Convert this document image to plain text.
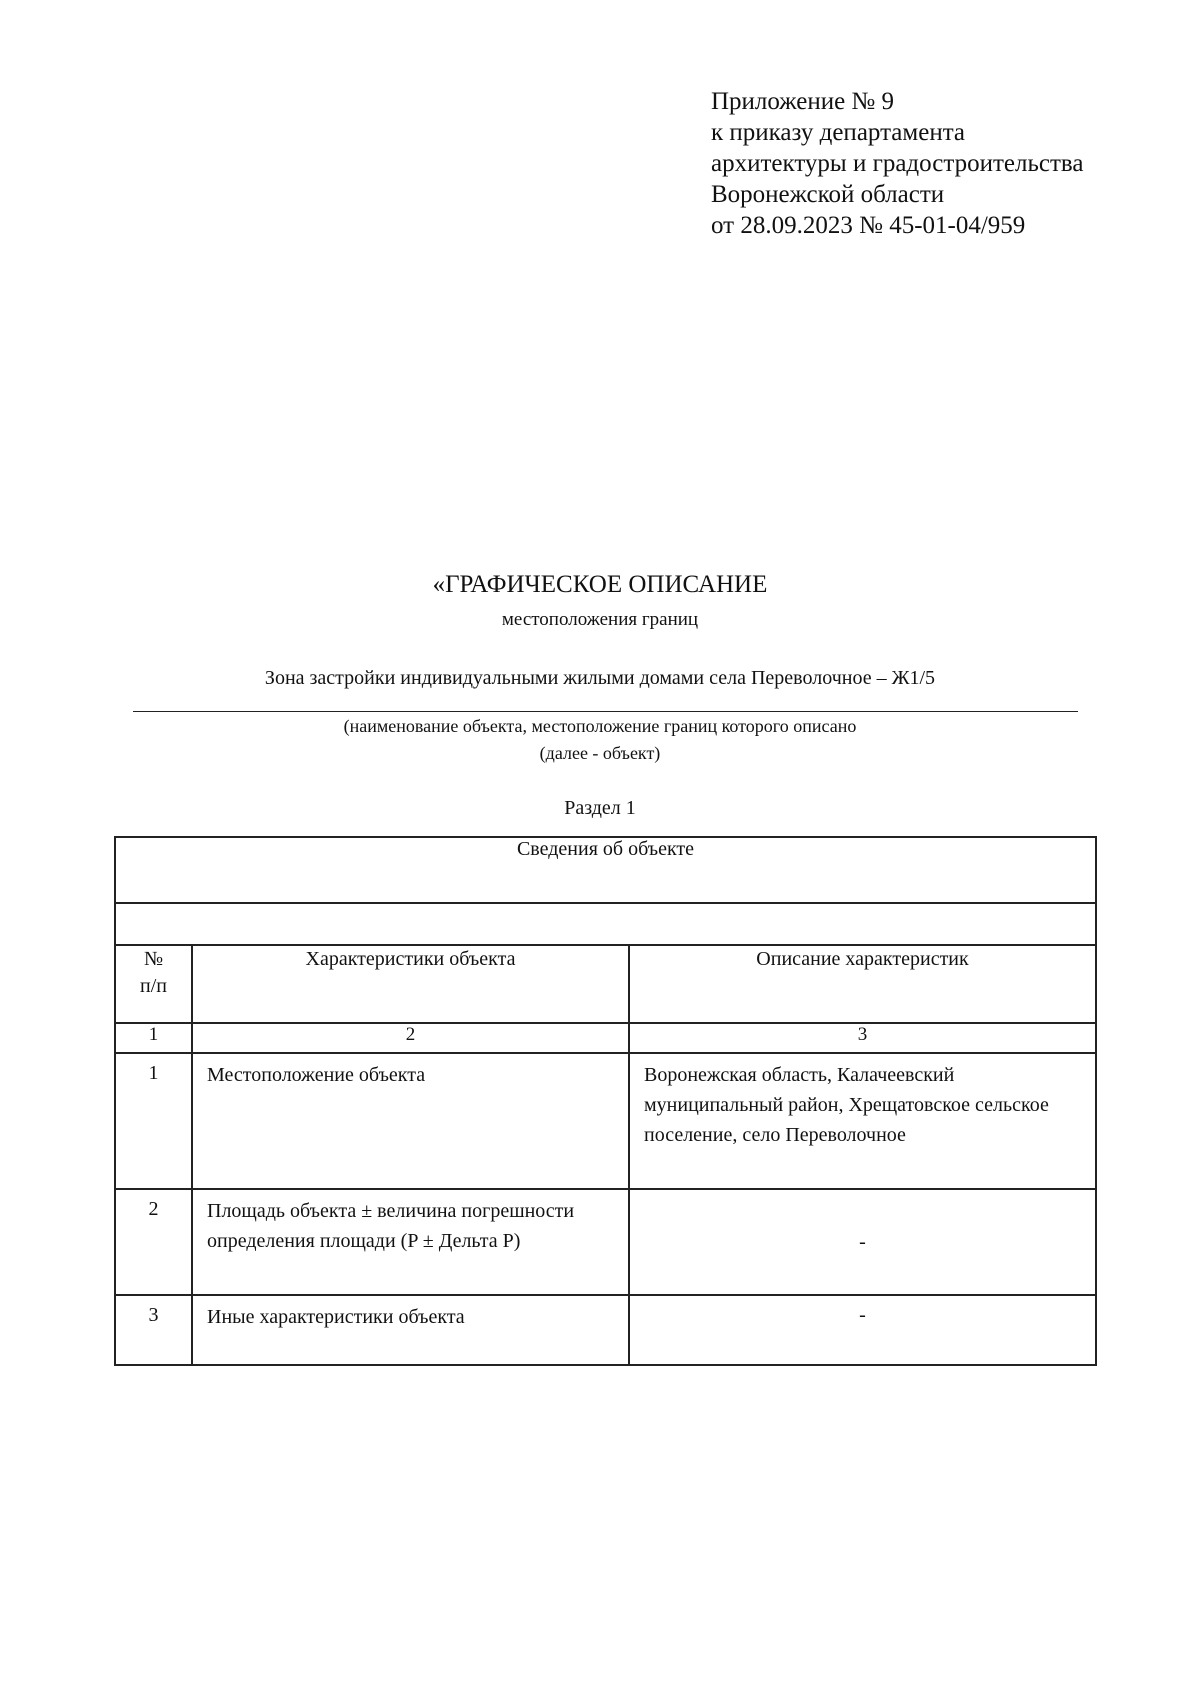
Приложение № 9
к приказу департамента
архитектуры и градостроительства
Воронежской области
от 28.09.2023 № 45-01-04/959
«ГРАФИЧЕСКОЕ ОПИСАНИЕ
местоположения границ
Зона застройки индивидуальными жилыми домами села Переволочное – Ж1/5
(наименование объекта, местоположение границ которого описано
(далее - объект)
Раздел 1
Сведения об объекте		

№
п/п	Характеристики объекта	Описание характеристик
1	2	3
1	Местоположение объекта	Воронежская область, Калачеевский муниципальный район, Хрещатовское сельское поселение, село Переволочное
2	Площадь объекта ± величина погрешности определения площади (P ± Дельта P)	-
3	Иные характеристики объекта	-
